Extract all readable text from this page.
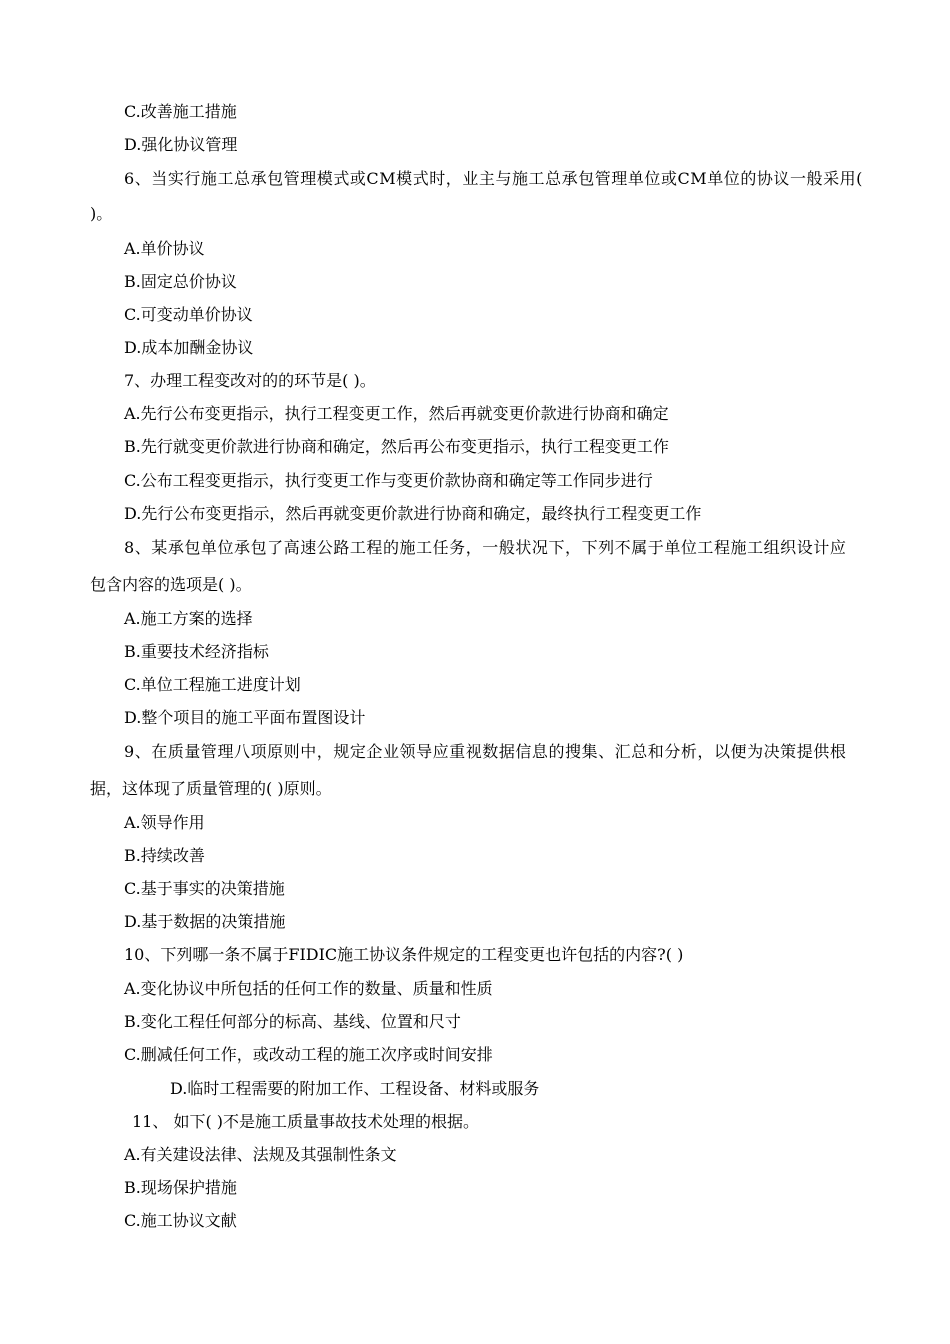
C.改善施工措施
D.强化协议管理
6、当实行施工总承包管理模式或CM模式时，业主与施工总承包管理单位或CM单位的协议一般采用(
)。
A.单价协议
B.固定总价协议
C.可变动单价协议
D.成本加酬金协议
7、办理工程变改对的的环节是( )。
A.先行公布变更指示，执行工程变更工作，然后再就变更价款进行协商和确定
B.先行就变更价款进行协商和确定，然后再公布变更指示，执行工程变更工作
C.公布工程变更指示，执行变更工作与变更价款协商和确定等工作同步进行
D.先行公布变更指示，然后再就变更价款进行协商和确定，最终执行工程变更工作
8、某承包单位承包了高速公路工程的施工任务，一般状况下，下列不属于单位工程施工组织设计应
包含内容的选项是( )。
A.施工方案的选择
B.重要技术经济指标
C.单位工程施工进度计划
D.整个项目的施工平面布置图设计
9、在质量管理八项原则中，规定企业领导应重视数据信息的搜集、汇总和分析，以便为决策提供根
据，这体现了质量管理的( )原则。
A.领导作用
B.持续改善
C.基于事实的决策措施
D.基于数据的决策措施
10、下列哪一条不属于FIDIC施工协议条件规定的工程变更也许包括的内容?( )
A.变化协议中所包括的任何工作的数量、质量和性质
B.变化工程任何部分的标高、基线、位置和尺寸
C.删减任何工作，或改动工程的施工次序或时间安排
D.临时工程需要的附加工作、工程设备、材料或服务
11、 如下( )不是施工质量事故技术处理的根据。
A.有关建设法律、法规及其强制性条文
B.现场保护措施
C.施工协议文献
